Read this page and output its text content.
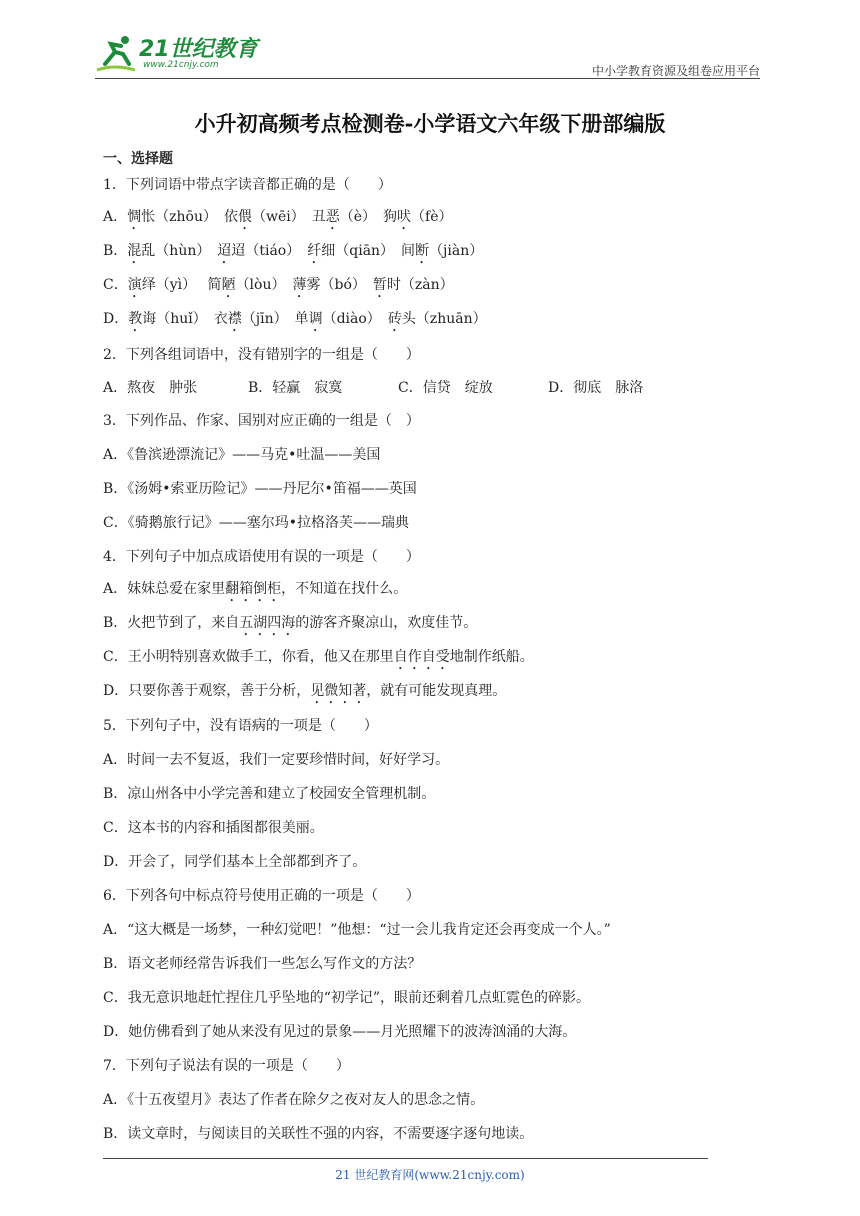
21世纪教育
www.21cnjy.com	中小学教育资源及组卷应用平台
小升初高频考点检测卷-小学语文六年级下册部编版
一、选择题
1．下列词语中带点字读音都正确的是（　　）
A．惆怅（zhōu）　依偎（wēi）　丑恶（è）　狗吠（fè）
B．混乱（hùn）　迢迢（tiáo）　纤细（qiān）　间断（jiàn）
C．演绎（yì）　 简陋（lòu）　薄雾（bó）　暂时（zàn）
D．教诲（huǐ）　衣襟（jīn）　单调（diào）　砖头（zhuān）
2．下列各组词语中，没有错别字的一组是（　　）
A．熬夜　肿张	B．轻赢　寂寞	C．信贷　绽放	D．彻底　脉洛
3．下列作品、作家、国别对应正确的一组是（　）
A．《鲁滨逊漂流记》——马克•吐温——美国
B．《汤姆•索亚历险记》——丹尼尔•笛福——英国
C．《骑鹅旅行记》——塞尔玛•拉格洛芙——瑞典
4．下列句子中加点成语使用有误的一项是（　　）
A．妹妹总爱在家里翻箱倒柜，不知道在找什么。
B．火把节到了，来自五湖四海的游客齐聚凉山，欢度佳节。
C．王小明特别喜欢做手工，你看，他又在那里自作自受地制作纸船。
D．只要你善于观察，善于分析，见微知著，就有可能发现真理。
5．下列句子中，没有语病的一项是（　　）
A．时间一去不复返，我们一定要珍惜时间，好好学习。
B．凉山州各中小学完善和建立了校园安全管理机制。
C．这本书的内容和插图都很美丽。
D．开会了，同学们基本上全部都到齐了。
6．下列各句中标点符号使用正确的一项是（　　）
A．“这大概是一场梦，一种幻觉吧！”他想：“过一会儿我肯定还会再变成一个人。”
B．语文老师经常告诉我们一些怎么写作文的方法？
C．我无意识地赶忙捏住几乎坠地的“初学记”，眼前还剩着几点虹霓色的碎影。
D．她仿佛看到了她从来没有见过的景象——月光照耀下的波涛汹涌的大海。
7．下列句子说法有误的一项是（　　）
A．《十五夜望月》表达了作者在除夕之夜对友人的思念之情。
B．读文章时，与阅读目的关联性不强的内容，不需要逐字逐句地读。
21 世纪教育网(www.21cnjy.com)
